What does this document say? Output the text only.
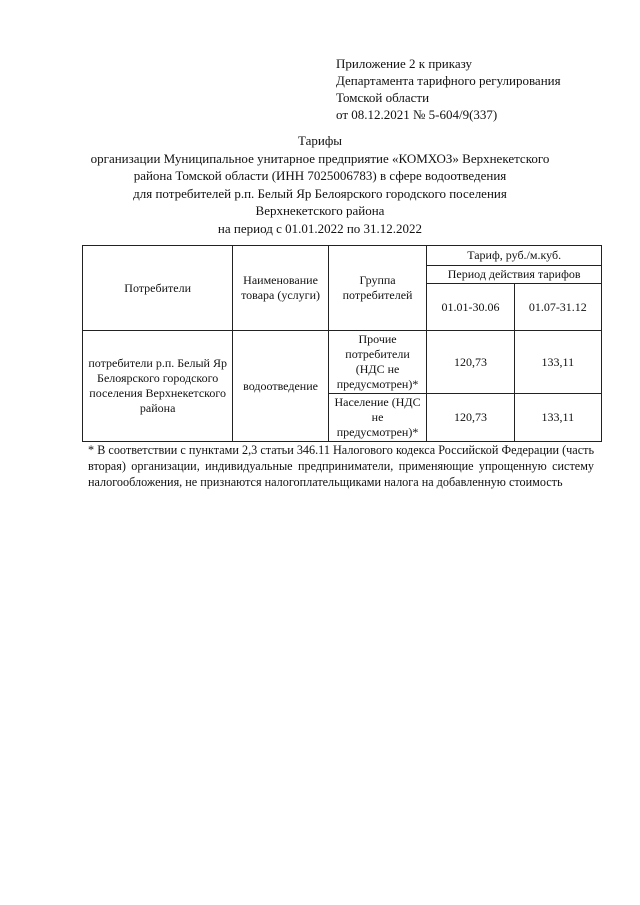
Приложение 2 к приказу
Департамента тарифного регулирования
Томской области
от 08.12.2021 № 5-604/9(337)
Тарифы
организации Муниципальное унитарное предприятие «КОМХОЗ» Верхнекетского
района Томской области (ИНН 7025006783) в сфере водоотведения
для потребителей р.п. Белый Яр Белоярского городского поселения
Верхнекетского района
на период с 01.01.2022 по 31.12.2022
Потребители	Наименование товара (услуги)	Группа потребителей	Тариф, руб./м.куб.	
			Период действия тарифов	
			01.01-30.06	01.07-31.12
потребители р.п. Белый Яр Белоярского городского поселения Верхнекетского района	водоотведение	Прочие потребители (НДС не предусмотрен)*	120,73	133,11
		Население (НДС не предусмотрен)*	120,73	133,11
* В соответствии с пунктами 2,3 статьи 346.11 Налогового кодекса Российской Федерации (часть вторая) организации, индивидуальные предприниматели, применяющие упрощенную систему налогообложения, не признаются налогоплательщиками налога на добавленную стоимость
